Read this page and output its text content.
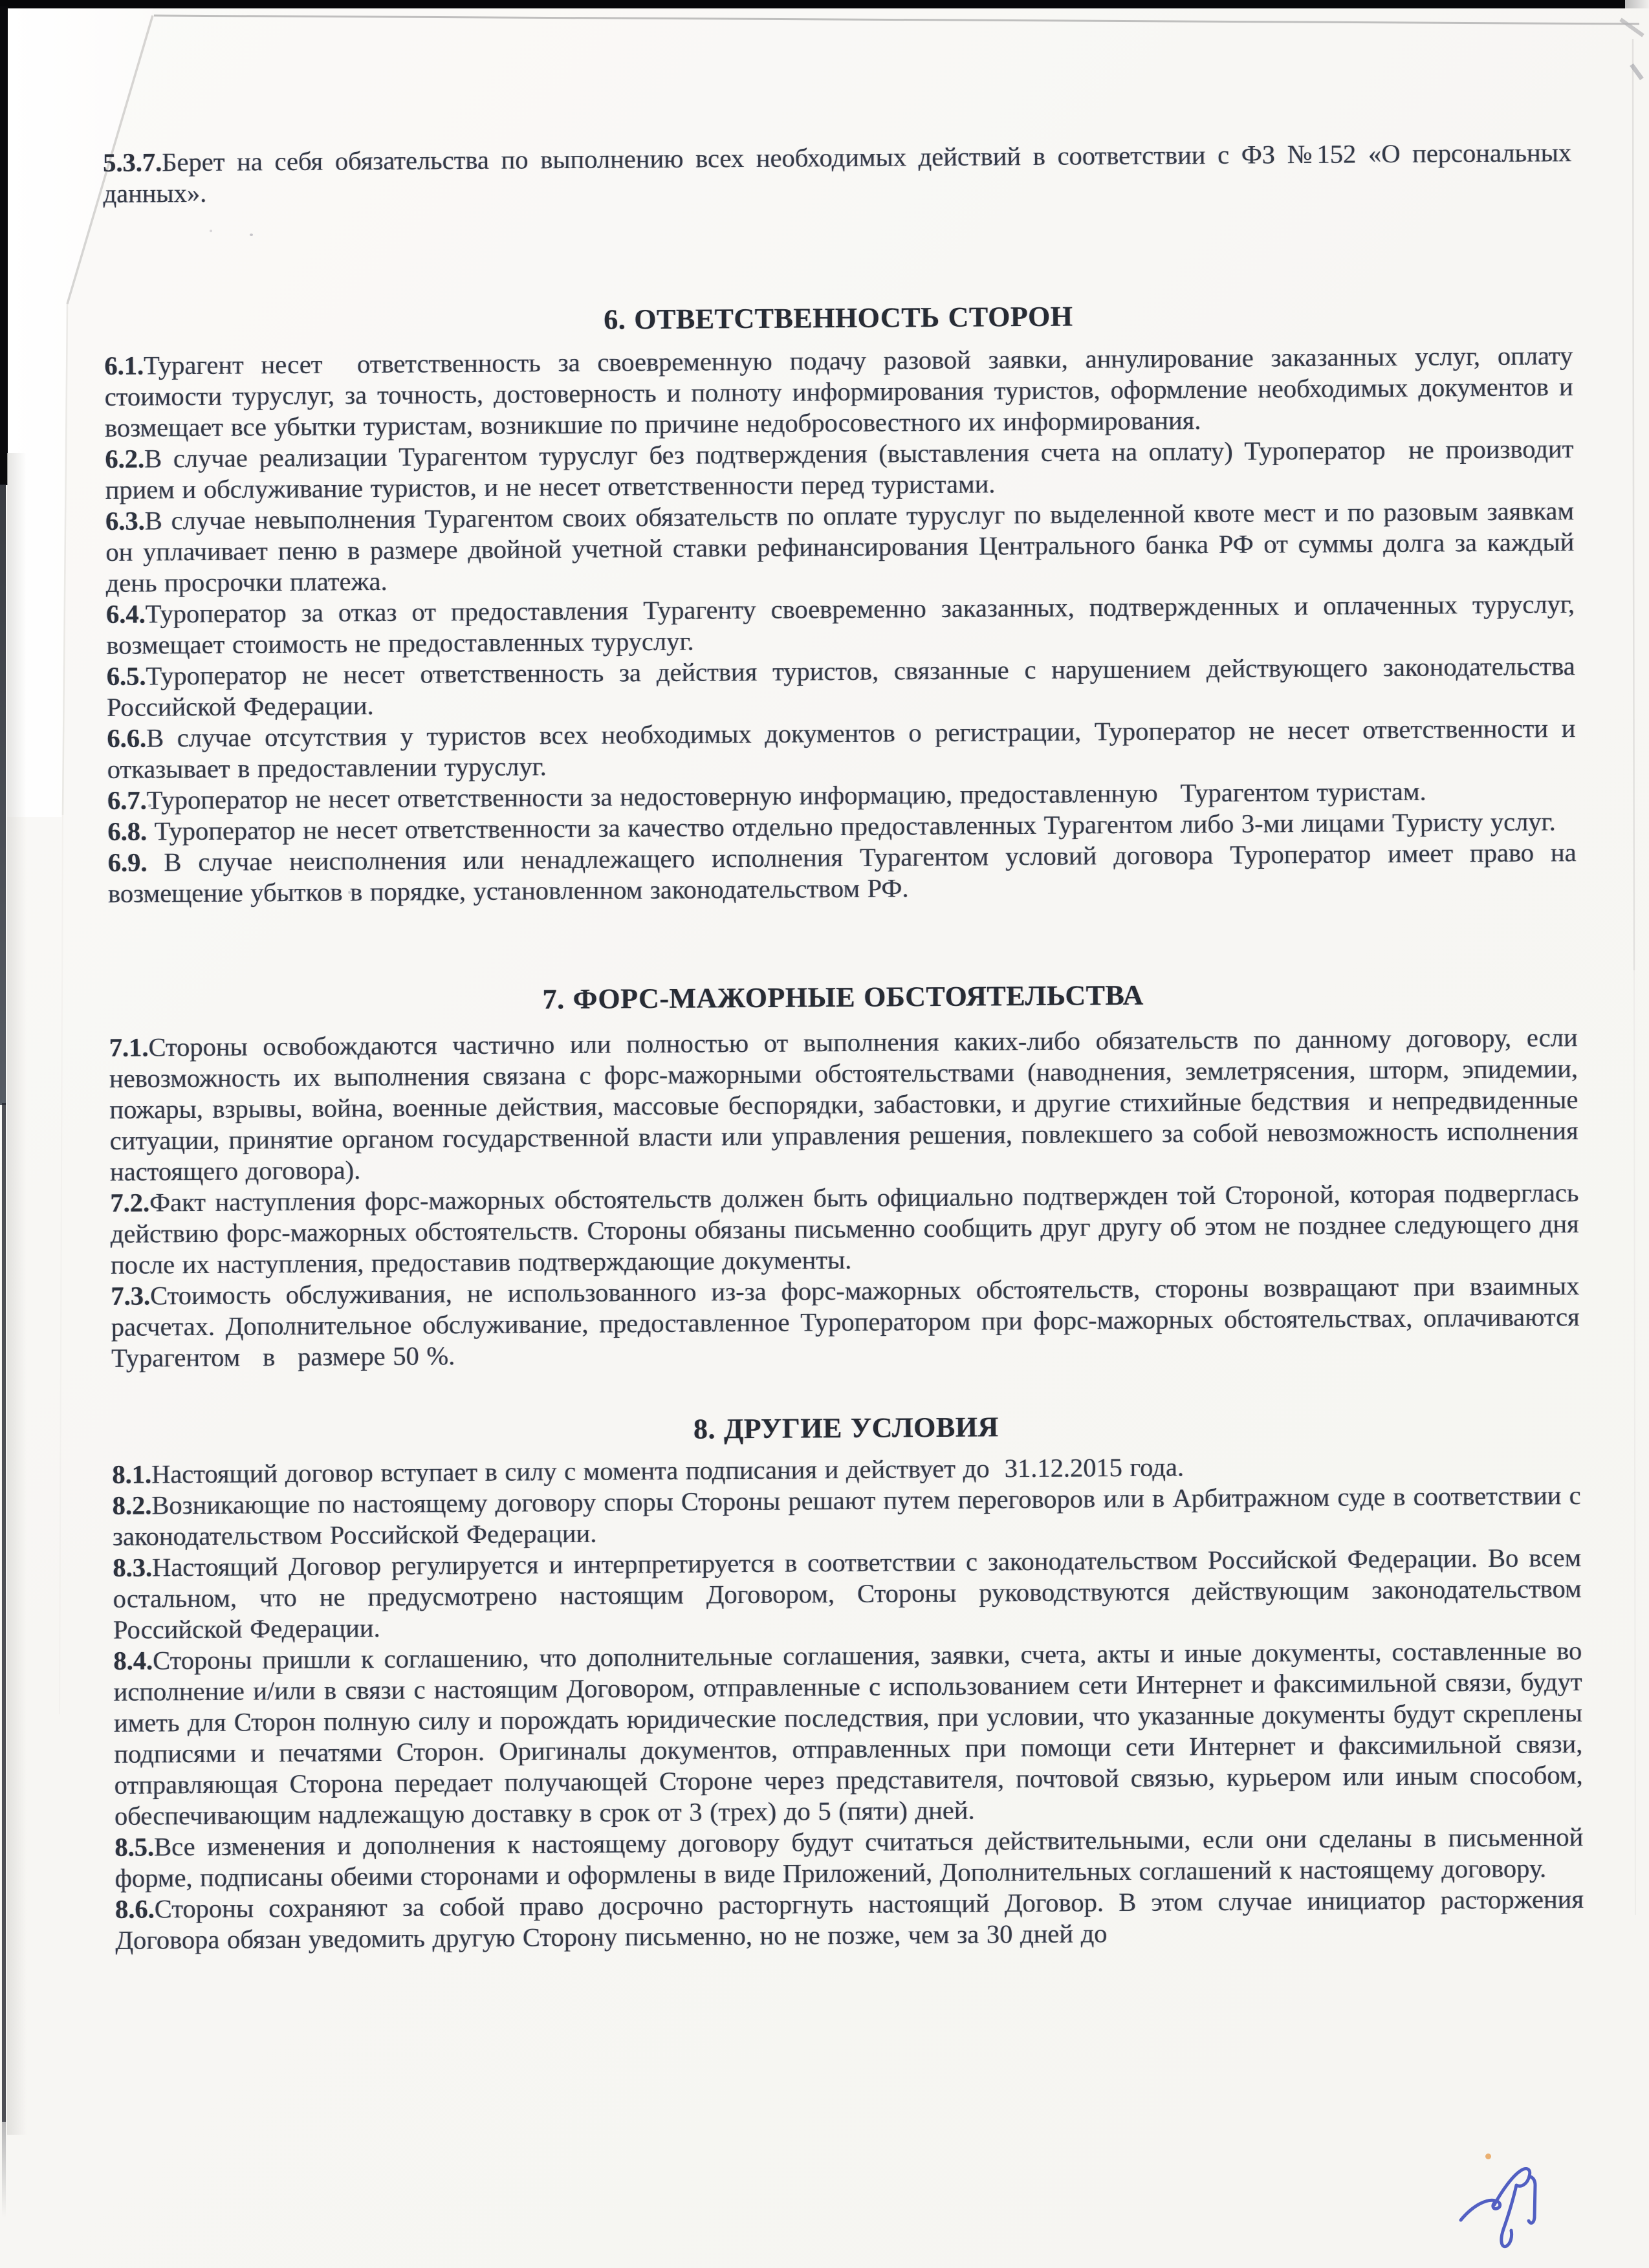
5.3.7.Берет на себя обязательства по выполнению всех необходимых действий в соответствии с ФЗ №152 «О персональных данных».

6. ОТВЕТСТВЕННОСТЬ СТОРОН

6.1.Турагент несет  ответственность за своевременную подачу разовой заявки, аннулирование заказанных услуг, оплату стоимости туруслуг, за точность, достоверность и полноту информирования туристов, оформление необходимых документов и возмещает все убытки туристам, возникшие по причине недобросовестного их информирования.

6.2.В случае реализации Турагентом туруслуг без подтверждения (выставления счета на оплату) Туроператор  не производит прием и обслуживание туристов, и не несет ответственности перед туристами.

6.3.В случае невыполнения Турагентом своих обязательств по оплате туруслуг по выделенной квоте мест и по разовым заявкам он уплачивает пеню в размере двойной учетной ставки рефинансирования Центрального банка РФ от суммы долга за каждый день просрочки платежа.

6.4.Туроператор за отказ от предоставления Турагенту своевременно заказанных, подтвержденных и оплаченных туруслуг, возмещает стоимость не предоставленных туруслуг.

6.5.Туроператор не несет ответственность за действия туристов, связанные с нарушением действующего законодательства Российской Федерации.

6.6.В случае отсутствия у туристов всех необходимых документов о регистрации, Туроператор не несет ответственности и отказывает в предоставлении туруслуг.

6.7.Туроператор не несет ответственности за недостоверную информацию, предоставленную   Турагентом туристам.

6.8. Туроператор не несет ответственности за качество отдельно предоставленных Турагентом либо 3-ми лицами Туристу услуг.

6.9. В случае неисполнения или ненадлежащего исполнения Турагентом условий договора Туроператор имеет право на возмещение убытков в порядке, установленном законодательством РФ.

7. ФОРС-МАЖОРНЫЕ ОБСТОЯТЕЛЬСТВА

7.1.Стороны освобождаются частично или полностью от выполнения каких-либо обязательств по данному договору, если невозможность их выполнения связана с форс-мажорными обстоятельствами (наводнения, землетрясения, шторм, эпидемии, пожары, взрывы, война, военные действия, массовые беспорядки, забастовки, и другие стихийные бедствия  и непредвиденные ситуации, принятие органом государственной власти или управления решения, повлекшего за собой невозможность исполнения настоящего договора).

7.2.Факт наступления форс-мажорных обстоятельств должен быть официально подтвержден той Стороной, которая подверглась действию форс-мажорных обстоятельств. Стороны обязаны письменно сообщить друг другу об этом не позднее следующего дня после их наступления, предоставив подтверждающие документы.

7.3.Стоимость обслуживания, не использованного из-за форс-мажорных обстоятельств, стороны возвращают при взаимных расчетах. Дополнительное обслуживание, предоставленное Туроператором при форс-мажорных обстоятельствах, оплачиваются Турагентом   в   размере 50 %.

8. ДРУГИЕ УСЛОВИЯ

8.1.Настоящий договор вступает в силу с момента подписания и действует до  31.12.2015 года.

8.2.Возникающие по настоящему договору споры Стороны решают путем переговоров или в Арбитражном суде в соответствии с законодательством Российской Федерации.

8.3.Настоящий Договор регулируется и интерпретируется в соответствии с законодательством Российской Федерации. Во всем остальном, что не предусмотрено настоящим Договором, Стороны руководствуются действующим законодательством Российской Федерации.

8.4.Стороны пришли к соглашению, что дополнительные соглашения, заявки, счета, акты и иные документы, составленные во исполнение и/или в связи с настоящим Договором, отправленные с использованием сети Интернет и факсимильной связи, будут иметь для Сторон полную силу и порождать юридические последствия, при условии, что указанные документы будут скреплены подписями и печатями Сторон. Оригиналы документов, отправленных при помощи сети Интернет и факсимильной связи, отправляющая Сторона передает получающей Стороне через представителя, почтовой связью, курьером или иным способом, обеспечивающим надлежащую доставку в срок от 3 (трех) до 5 (пяти) дней.

8.5.Все изменения и дополнения к настоящему договору будут считаться действительными, если они сделаны в письменной форме, подписаны обеими сторонами и оформлены в виде Приложений, Дополнительных соглашений к настоящему договору.

8.6.Стороны сохраняют за собой право досрочно расторгнуть настоящий Договор. В этом случае инициатор расторжения   Договора обязан уведомить другую Сторону письменно, но не позже, чем за 30 дней до
